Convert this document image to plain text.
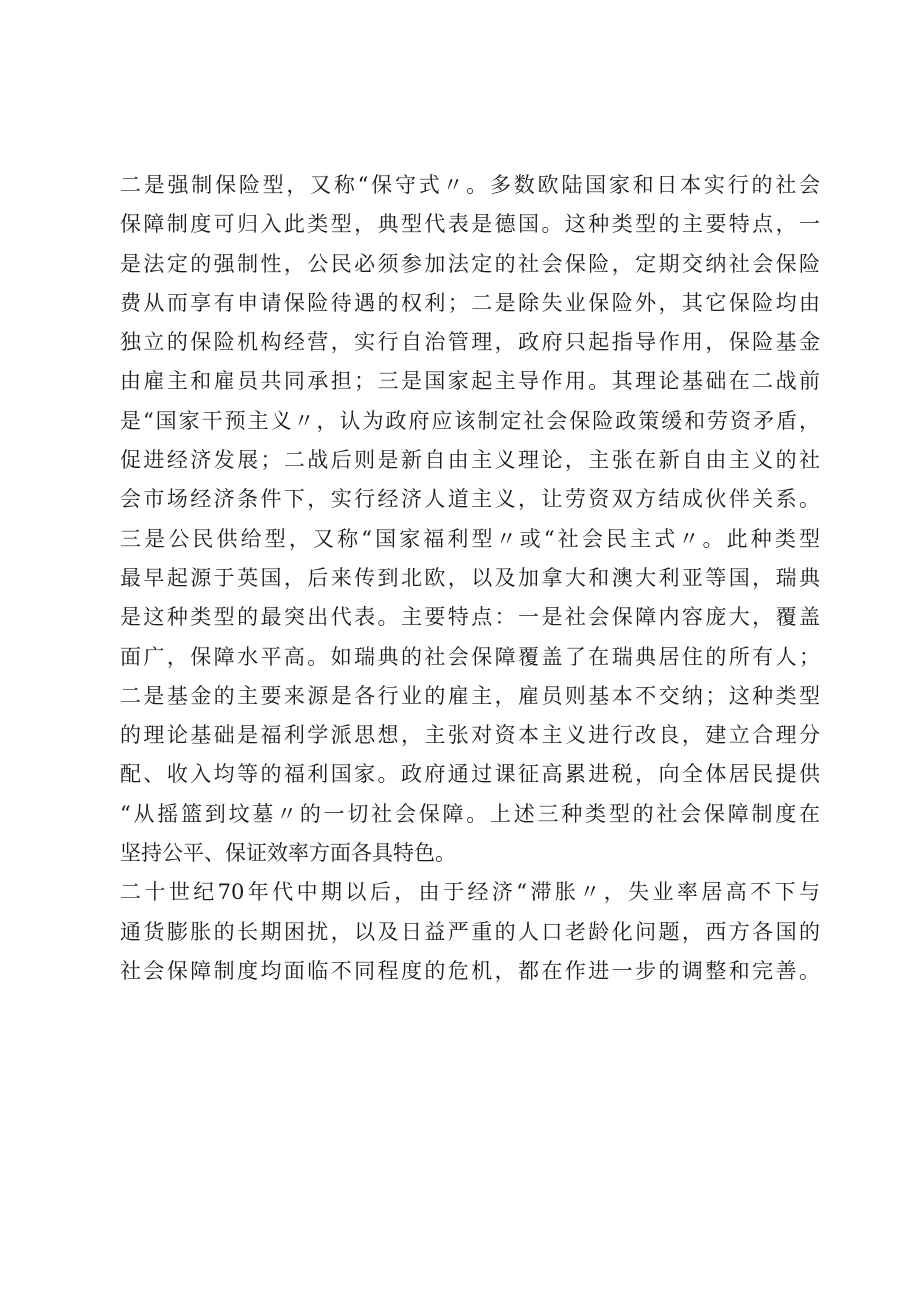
二是强制保险型，又称“保守式〃。多数欧陆国家和日本实行的社会
保障制度可归入此类型，典型代表是德国。这种类型的主要特点，一
是法定的强制性，公民必须参加法定的社会保险，定期交纳社会保险
费从而享有申请保险待遇的权利；二是除失业保险外，其它保险均由
独立的保险机构经营，实行自治管理，政府只起指导作用，保险基金
由雇主和雇员共同承担；三是国家起主导作用。其理论基础在二战前
是“国家干预主义〃，认为政府应该制定社会保险政策缓和劳资矛盾，
促进经济发展；二战后则是新自由主义理论，主张在新自由主义的社
会市场经济条件下，实行经济人道主义，让劳资双方结成伙伴关系。
三是公民供给型，又称“国家福利型〃或“社会民主式〃。此种类型
最早起源于英国，后来传到北欧，以及加拿大和澳大利亚等国，瑞典
是这种类型的最突出代表。主要特点：一是社会保障内容庞大，覆盖
面广，保障水平高。如瑞典的社会保障覆盖了在瑞典居住的所有人；
二是基金的主要来源是各行业的雇主，雇员则基本不交纳；这种类型
的理论基础是福利学派思想，主张对资本主义进行改良，建立合理分
配、收入均等的福利国家。政府通过课征高累进税，向全体居民提供
“从摇篮到坟墓〃的一切社会保障。上述三种类型的社会保障制度在
坚持公平、保证效率方面各具特色。
二十世纪70年代中期以后，由于经济“滞胀〃，失业率居高不下与
通货膨胀的长期困扰，以及日益严重的人口老龄化问题，西方各国的
社会保障制度均面临不同程度的危机，都在作进一步的调整和完善。
